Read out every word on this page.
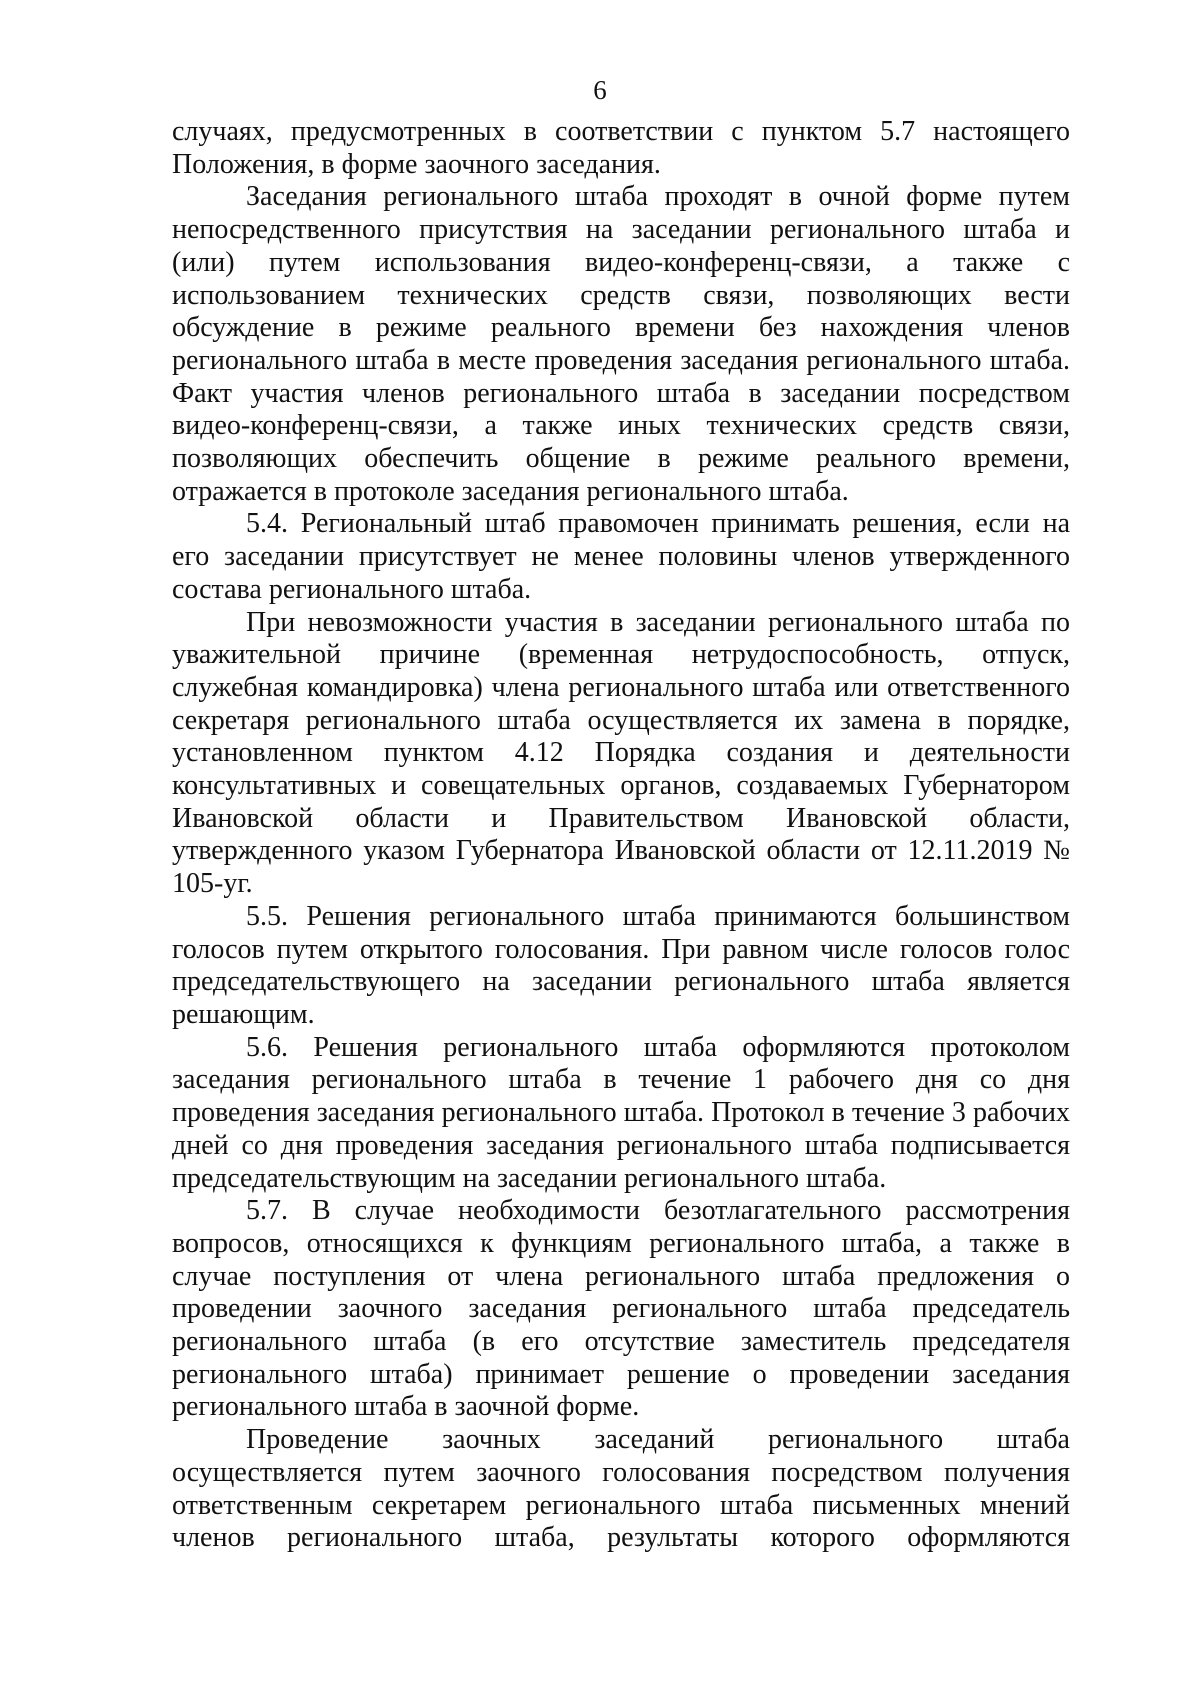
6

случаях, предусмотренных в соответствии с пунктом 5.7 настоящего Положения, в форме заочного заседания.

Заседания регионального штаба проходят в очной форме путем непосредственного присутствия на заседании регионального штаба и (или) путем использования видео-конференц-связи, а также с использованием технических средств связи, позволяющих вести обсуждение в режиме реального времени без нахождения членов регионального штаба в месте проведения заседания регионального штаба. Факт участия членов регионального штаба в заседании посредством видео-конференц-связи, а также иных технических средств связи, позволяющих обеспечить общение в режиме реального времени, отражается в протоколе заседания регионального штаба.

5.4. Региональный штаб правомочен принимать решения, если на его заседании присутствует не менее половины членов утвержденного состава регионального штаба.

При невозможности участия в заседании регионального штаба по уважительной причине (временная нетрудоспособность, отпуск, служебная командировка) члена регионального штаба или ответственного секретаря регионального штаба осуществляется их замена в порядке, установленном пунктом 4.12 Порядка создания и деятельности консультативных и совещательных органов, создаваемых Губернатором Ивановской области и Правительством Ивановской области, утвержденного указом Губернатора Ивановской области от 12.11.2019 № 105-уг.

5.5. Решения регионального штаба принимаются большинством голосов путем открытого голосования. При равном числе голосов голос председательствующего на заседании регионального штаба является решающим.

5.6. Решения регионального штаба оформляются протоколом заседания регионального штаба в течение 1 рабочего дня со дня проведения заседания регионального штаба. Протокол в течение 3 рабочих дней со дня проведения заседания регионального штаба подписывается председательствующим на заседании регионального штаба.

5.7. В случае необходимости безотлагательного рассмотрения вопросов, относящихся к функциям регионального штаба, а также в случае поступления от члена регионального штаба предложения о проведении заочного заседания регионального штаба председатель регионального штаба (в его отсутствие заместитель председателя регионального штаба) принимает решение о проведении заседания регионального штаба в заочной форме.

Проведение заочных заседаний регионального штаба осуществляется путем заочного голосования посредством получения ответственным секретарем регионального штаба письменных мнений членов регионального штаба, результаты которого оформляются
